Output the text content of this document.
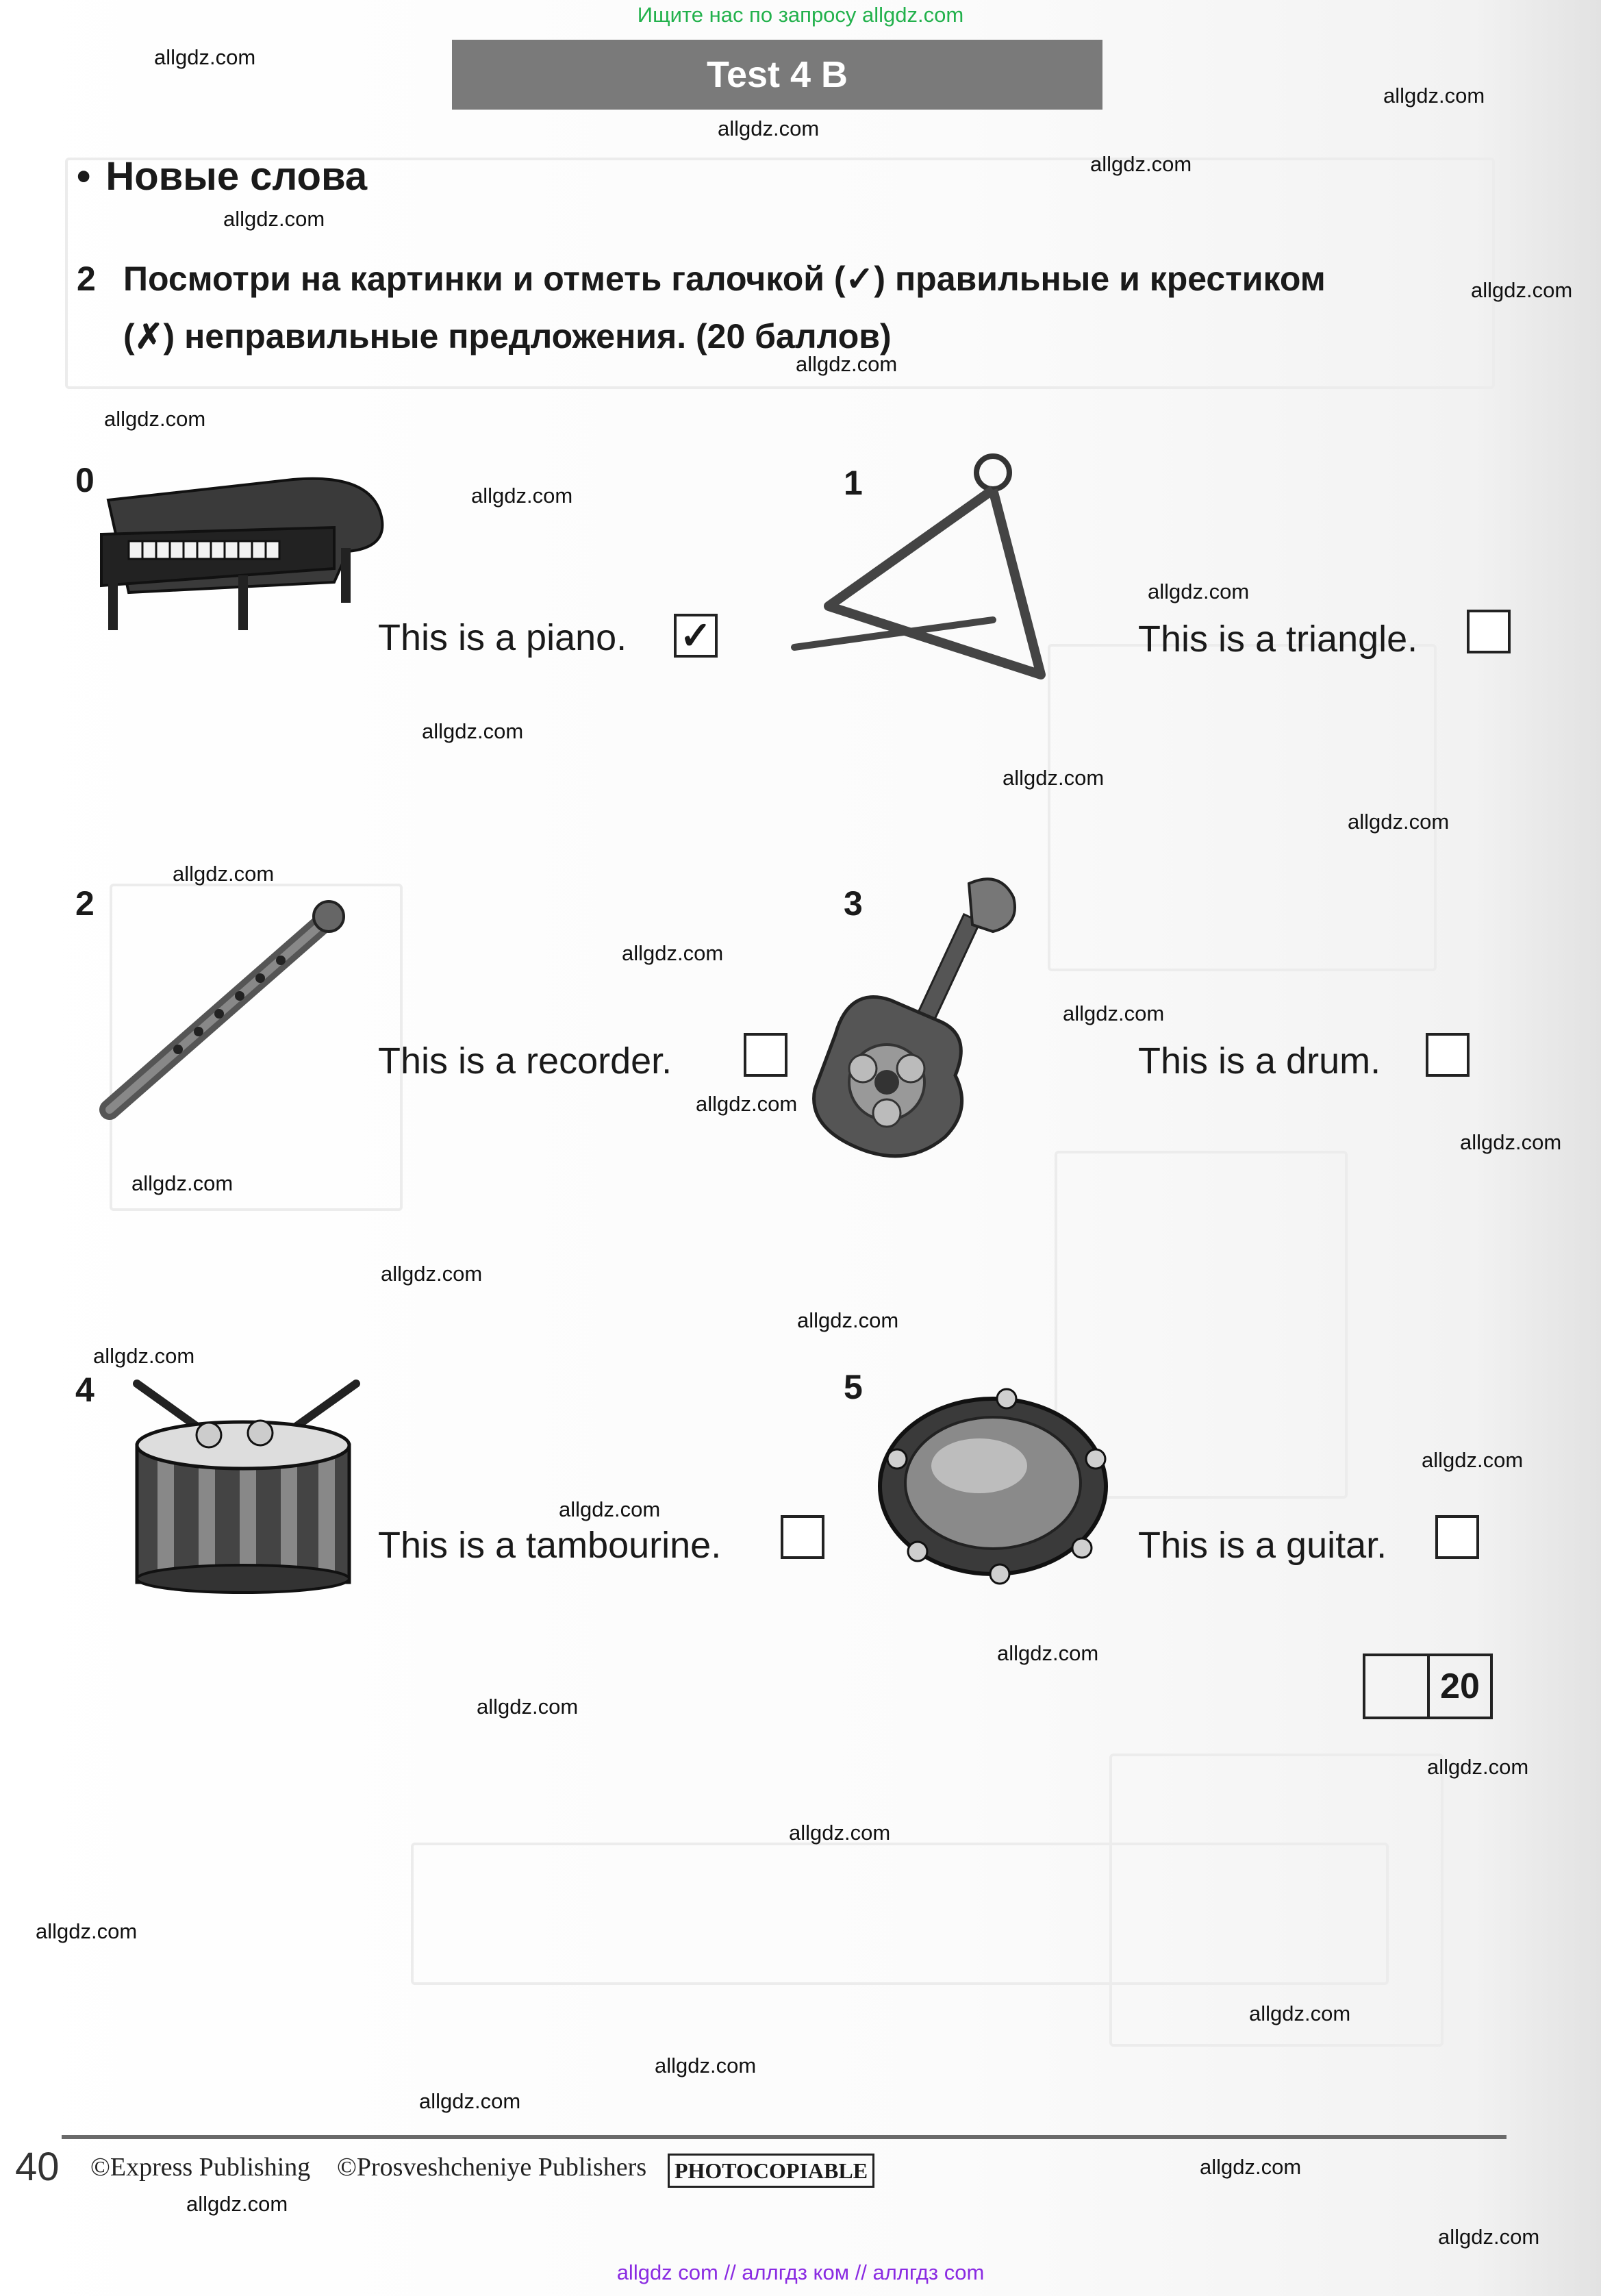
Ищите нас по запросу allgdz.com
Test 4 B
• Новые слова
2 Посмотри на картинки и отметь галочкой (✓) правильные и крестиком (✗) неправильные предложения. (20 баллов)
0
This is a piano. ✓
1
This is a triangle.
2
This is a recorder.
3
This is a drum.
4
This is a tambourine.
5
This is a guitar.
20
40 ©Express Publishing ©Prosveshcheniye Publishers	PHOTOCOPIABLE
allgdz.com
allgdz.com
allgdz.com
allgdz.com
allgdz.com
allgdz.com
allgdz.com
allgdz.com
allgdz.com
allgdz.com
allgdz.com
allgdz.com
allgdz.com
allgdz.com
allgdz.com
allgdz.com
allgdz.com
allgdz.com
allgdz.com
allgdz.com
allgdz.com
allgdz.com
allgdz.com
allgdz.com
allgdz.com
allgdz.com
allgdz.com
allgdz.com
allgdz.com
allgdz.com
allgdz.com
allgdz.com
allgdz.com
allgdz.com
allgdz.com
allgdz com // аллгдз ком // аллгдз com
